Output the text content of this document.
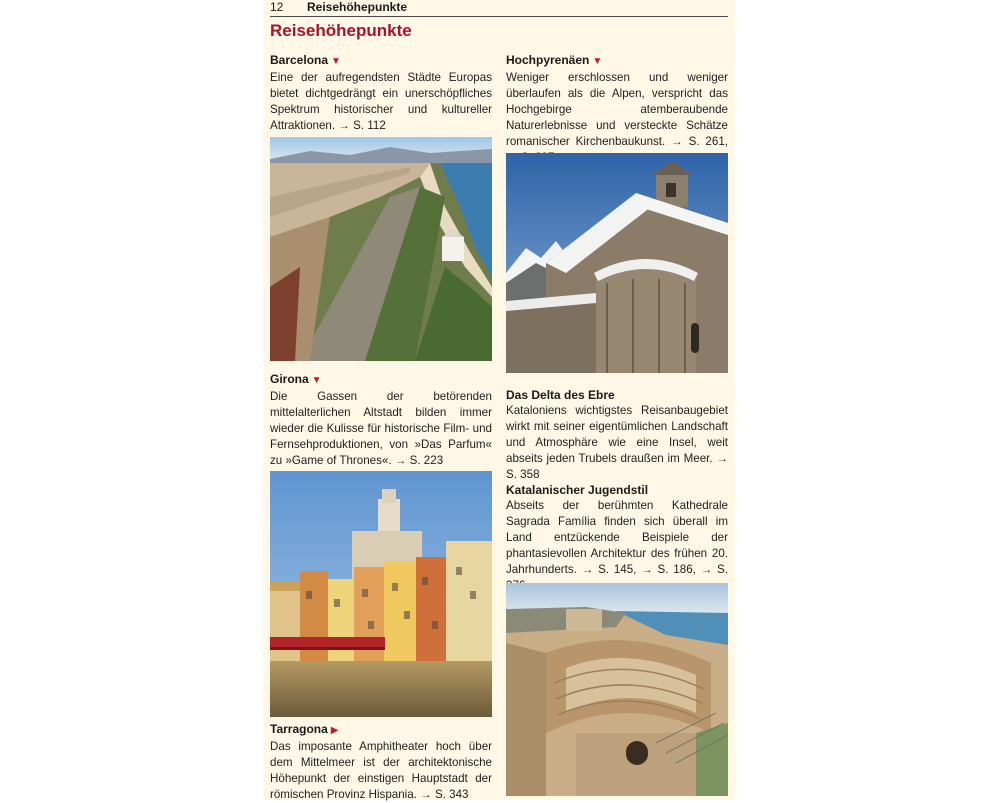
12 Reisehöhepunkte
Reisehöhepunkte
Barcelona ▼

Eine der aufregendsten Städte Europas bietet dichtgedrängt ein unerschöpfliches Spektrum historischer und kultureller Attraktionen. → S. 112

Girona ▼

Die Gassen der betörenden mittelalterlichen Altstadt bilden immer wieder die Kulisse für historische Film- und Fernsehproduktionen, von »Das Parfum« zu »Game of Thrones«. → S. 223

Tarragona ▶

Das imposante Amphitheater hoch über dem Mittelmeer ist der architektonische Höhepunkt der einstigen Hauptstadt der römischen Provinz Hispania. → S. 343

Hochpyrenäen ▼

Weniger erschlossen und weniger überlaufen als die Alpen, verspricht das Hochgebirge atemberaubende Naturerlebnisse und versteckte Schätze romanischer Kirchenbaukunst. → S. 261,

Das Delta des Ebre

Kataloniens wichtigstes Reisanbaugebiet wirkt mit seiner eigentümlichen Landschaft und Atmosphäre wie eine Insel, weit abseits jeden Trubels draußen im Meer. → S. 358

Katalanischer Jugendstil

Abseits der berühmten Kathedrale Sagrada Família finden sich überall im Land entzückende Beispiele der phantasievollen Architektur des frühen 20. Jahrhunderts. → S. 145, → S. 186, → S.
